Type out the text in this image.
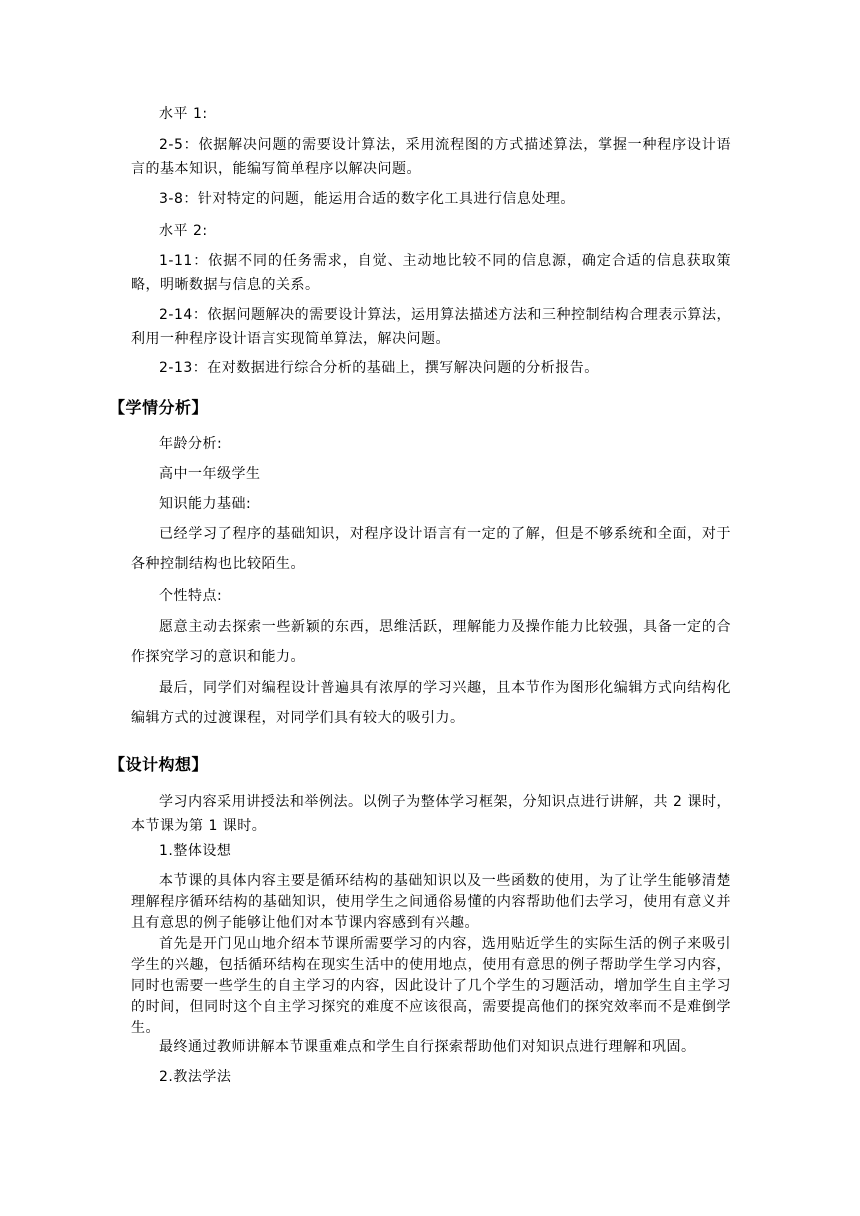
水平 1:

2-5：依据解决问题的需要设计算法，采用流程图的方式描述算法，掌握一种程序设计语言的基本知识，能编写简单程序以解决问题。

3-8：针对特定的问题，能运用合适的数字化工具进行信息处理。

水平 2:

1-11：依据不同的任务需求，自觉、主动地比较不同的信息源，确定合适的信息获取策略，明晰数据与信息的关系。

2-14：依据问题解决的需要设计算法，运用算法描述方法和三种控制结构合理表示算法，利用一种程序设计语言实现简单算法，解决问题。

2-13：在对数据进行综合分析的基础上，撰写解决问题的分析报告。

【学情分析】

年龄分析:

高中一年级学生

知识能力基础:

已经学习了程序的基础知识，对程序设计语言有一定的了解，但是不够系统和全面，对于各种控制结构也比较陌生。

个性特点:

愿意主动去探索一些新颖的东西，思维活跃，理解能力及操作能力比较强，具备一定的合作探究学习的意识和能力。

最后，同学们对编程设计普遍具有浓厚的学习兴趣，且本节作为图形化编辑方式向结构化编辑方式的过渡课程，对同学们具有较大的吸引力。

【设计构想】

学习内容采用讲授法和举例法。以例子为整体学习框架，分知识点进行讲解，共 2 课时，本节课为第 1 课时。

1.整体设想

本节课的具体内容主要是循环结构的基础知识以及一些函数的使用，为了让学生能够清楚理解程序循环结构的基础知识，使用学生之间通俗易懂的内容帮助他们去学习，使用有意义并且有意思的例子能够让他们对本节课内容感到有兴趣。

首先是开门见山地介绍本节课所需要学习的内容，选用贴近学生的实际生活的例子来吸引学生的兴趣，包括循环结构在现实生活中的使用地点，使用有意思的例子帮助学生学习内容，同时也需要一些学生的自主学习的内容，因此设计了几个学生的习题活动，增加学生自主学习的时间，但同时这个自主学习探究的难度不应该很高，需要提高他们的探究效率而不是难倒学生。

最终通过教师讲解本节课重难点和学生自行探索帮助他们对知识点进行理解和巩固。

2.教法学法
